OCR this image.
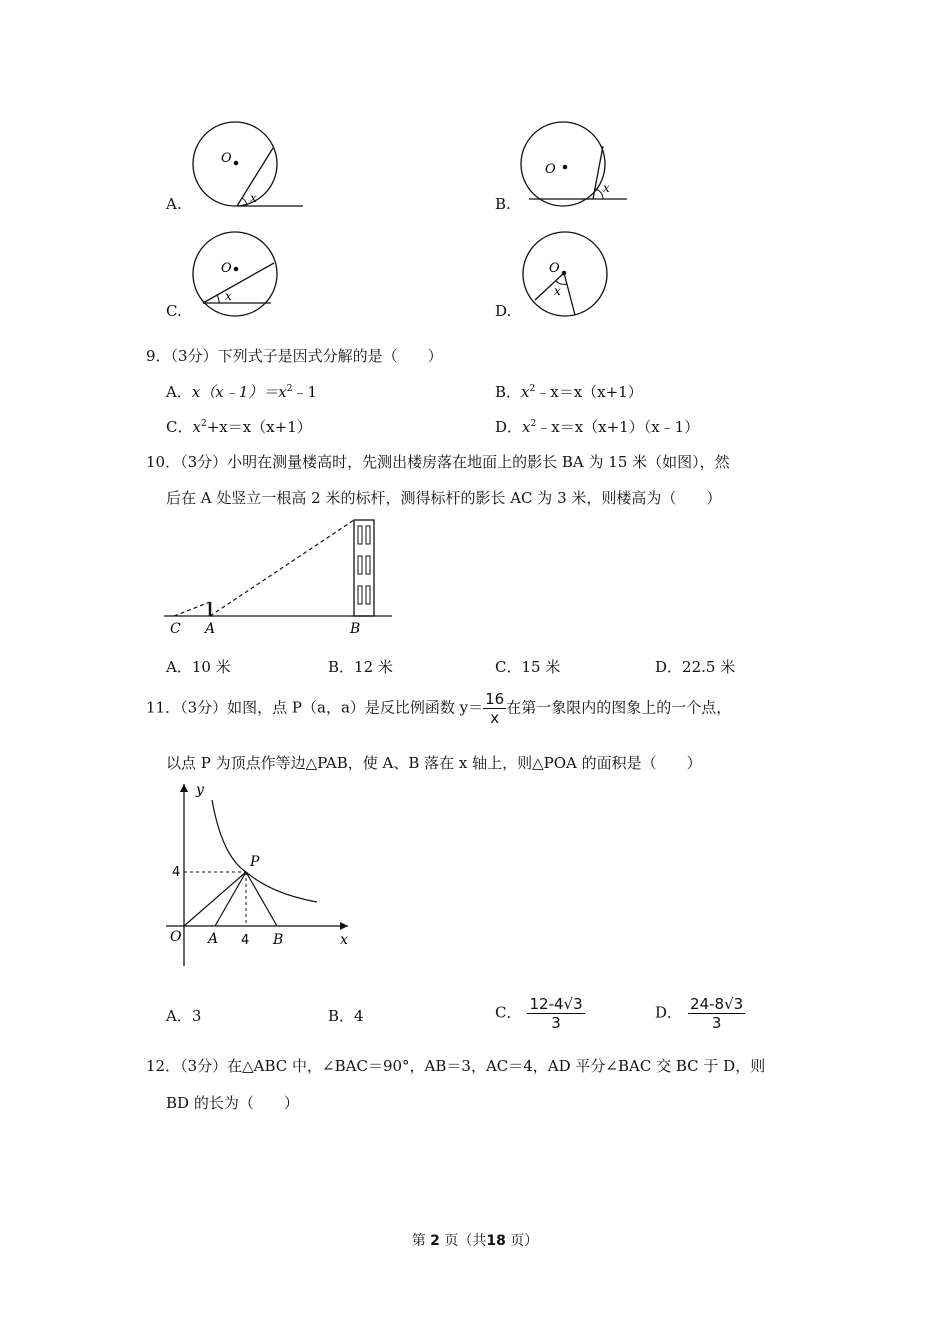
A.
O
x	B.
O
x
C.
O
x
D.
O
x
9．（3分）下列式子是因式分解的是（　　）
A．$x(x﹣1)=x^2﹣1$	B．$x^2﹣x=x(x+1)$
C．$x^2+x=x(x+1)$	D．$x^2﹣x=x(x+1)(x﹣1)$
10．（3分）小明在测量楼高时，先测出楼房落在地面上的影长 BA 为 15 米（如图），然
后在 A 处竖立一根高 2 米的标杆，测得标杆的影长 AC 为 3 米，则楼高为（　　）
C A	B
A．10 米	B．12 米	C．15 米	D．22.5 米
11．（3分）如图，点 P（a，a）是反比例函数 $y= \frac{16}{x}$ 在第一象限内的图象上的一个点，
以点 P 为顶点作等边△PAB，使 A、B 落在 x 轴上，则△POA 的面积是（　　）
y
x
O
P
A	B
4
4
A．3	B．4	C． $\frac{12-4√3}{3}$	D． $\frac{24-8√3}{3}$
12．（3分）在△ABC 中，∠BAC＝90°，AB＝3，AC＝4，AD 平分∠BAC 交 BC 于 D，则
BD 的长为（　　）
第 2 页（共18 页）
